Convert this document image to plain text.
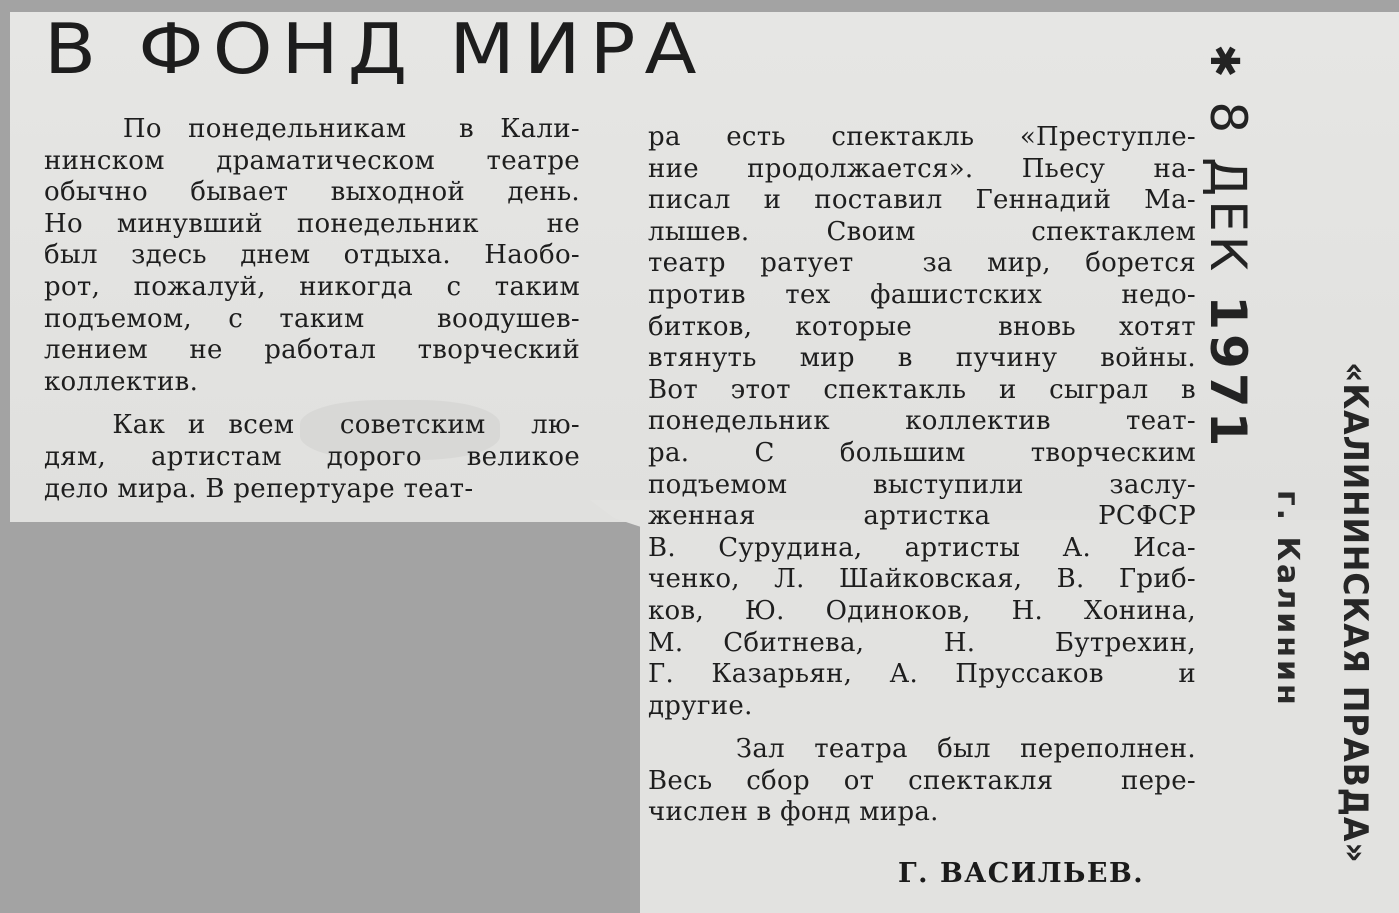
В ФОНД МИРА
По понедельникам  в Кали-
нинском драматическом театре
обычно бывает выходной день.
Но минувший понедельник  не
был здесь днем отдыха. Наобо-
рот, пожалуй, никогда с таким
подъемом, с таким  воодушев-
лением не работал творческий
коллектив.
Как и всем  советским  лю-
дям, артистам дорого великое
дело мира. В репертуаре теат-
ра есть спектакль «Преступле-
ние продолжается». Пьесу на-
писал и поставил Геннадий Ма-
лышев.  Своим   спектаклем
театр ратует  за мир, борется
против тех фашистских  недо-
битков, которые  вновь хотят
втянуть мир в пучину войны.
Вот этот спектакль и сыграл в
понедельник  коллектив  теат-
ра.  С  большим  творческим
подъемом  выступили  заслу-
женная  артистка  РСФСР
В. Сурудина, артисты А. Иса-
ченко, Л. Шайковская, В. Гриб-
ков, Ю. Одиноков, Н. Хонина,
М. Сбитнева,  Н.  Бутрехин,
Г. Казарьян, А. Пруссаков  и
другие.
Зал театра был переполнен.
Весь сбор от спектакля  пере-
числен в фонд мира.
Г. ВАСИЛЬЕВ.
✱ 8 ДЕК 1971
г. Калинин «КАЛИНИНСКАЯ ПРАВДА»
